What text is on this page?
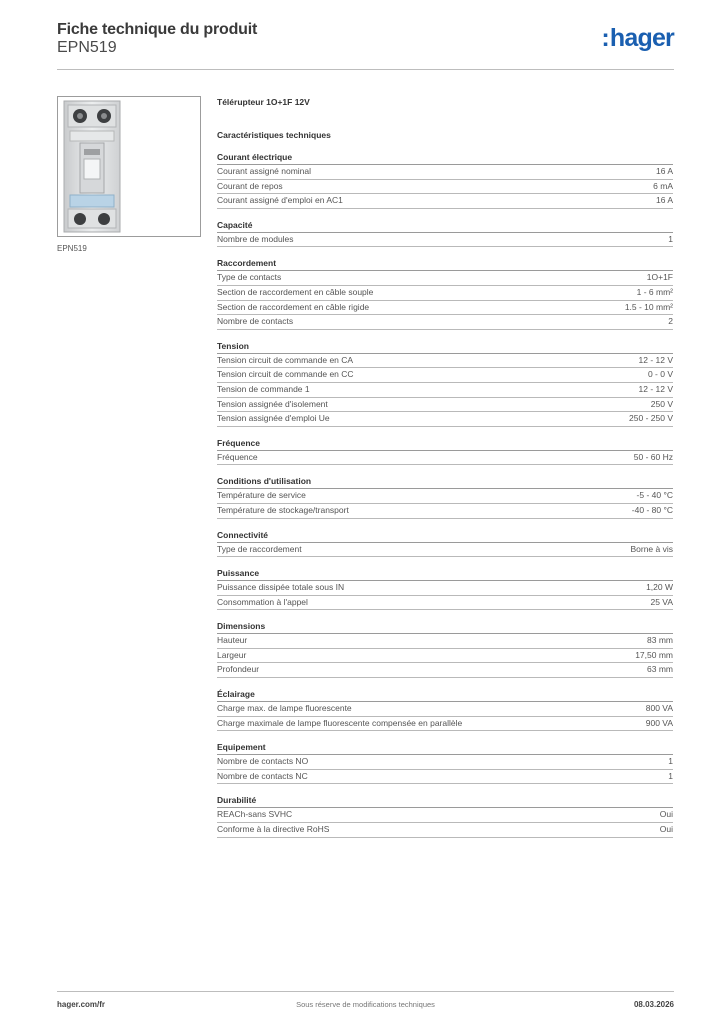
Fiche technique du produit
EPN519	:hager
EPN519
Télérupteur 1O+1F 12V
Caractéristiques techniques
Courant électrique
Courant assigné nominal	16 A
Courant de repos	6 mA
Courant assigné d'emploi en AC1	16 A
Capacité
Nombre de modules	1
Raccordement
Type de contacts	1O+1F
Section de raccordement en câble souple	1 - 6 mm²
Section de raccordement en câble rigide	1.5 - 10 mm²
Nombre de contacts	2
Tension
Tension circuit de commande en CA	12 - 12 V
Tension circuit de commande en CC	0 - 0 V
Tension de commande 1	12 - 12 V
Tension assignée d'isolement	250 V
Tension assignée d'emploi Ue	250 - 250 V
Fréquence
Fréquence	50 - 60 Hz
Conditions d'utilisation
Température de service	-5 - 40 °C
Température de stockage/transport	-40 - 80 °C
Connectivité
Type de raccordement	Borne à vis
Puissance
Puissance dissipée totale sous IN	1,20 W
Consommation à l'appel	25 VA
Dimensions
Hauteur	83 mm
Largeur	17,50 mm
Profondeur	63 mm
Éclairage
Charge max. de lampe fluorescente	800 VA
Charge maximale de lampe fluorescente compensée en parallèle	900 VA
Equipement
Nombre de contacts NO	1
Nombre de contacts NC	1
Durabilité
REACh-sans SVHC	Oui
Conforme à la directive RoHS	Oui
hager.com/fr	Sous réserve de modifications techniques	08.03.2026
